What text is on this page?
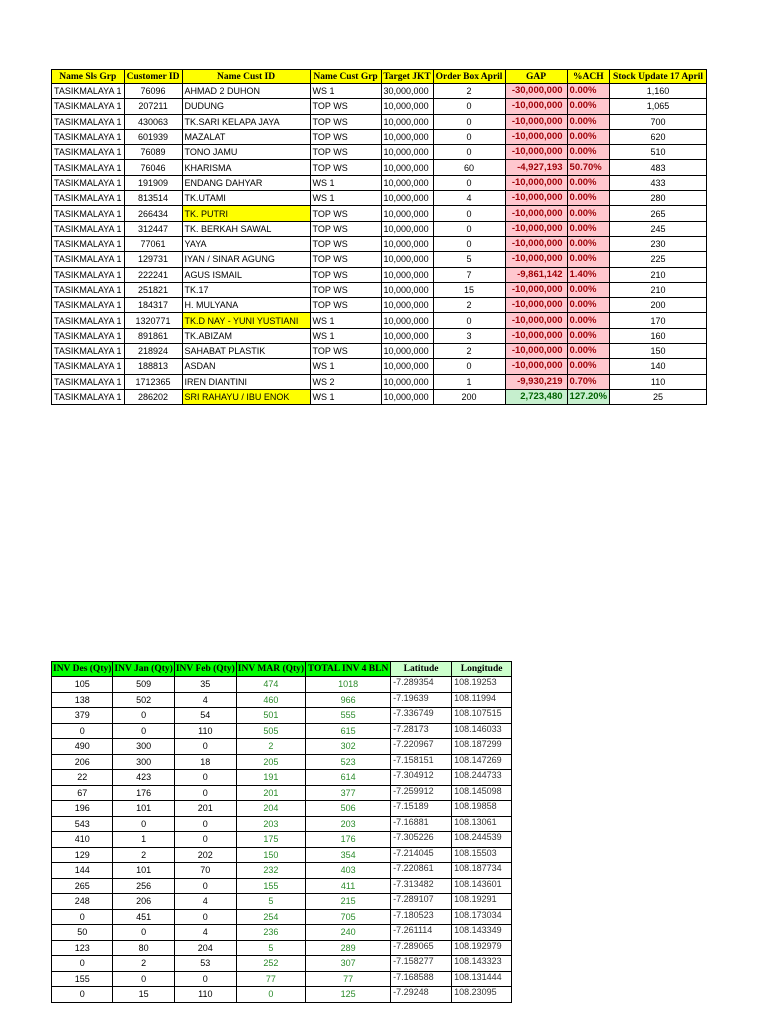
Name Sls Grp	Customer ID	Name Cust ID	Name Cust Grp	Target JKT	Order Box April	GAP	%ACH	Stock Update 17 April
TASIKMALAYA 1	76096	AHMAD 2 DUHON	WS 1	30,000,000	2	-30,000,000	0.00%	1,160
TASIKMALAYA 1	207211	DUDUNG	TOP WS	10,000,000	0	-10,000,000	0.00%	1,065
TASIKMALAYA 1	430063	TK.SARI KELAPA JAYA	TOP WS	10,000,000	0	-10,000,000	0.00%	700
TASIKMALAYA 1	601939	MAZALAT	TOP WS	10,000,000	0	-10,000,000	0.00%	620
TASIKMALAYA 1	76089	TONO JAMU	TOP WS	10,000,000	0	-10,000,000	0.00%	510
TASIKMALAYA 1	76046	KHARISMA	TOP WS	10,000,000	60	-4,927,193	50.70%	483
TASIKMALAYA 1	191909	ENDANG DAHYAR	WS 1	10,000,000	0	-10,000,000	0.00%	433
TASIKMALAYA 1	813514	TK.UTAMI	WS 1	10,000,000	4	-10,000,000	0.00%	280
TASIKMALAYA 1	266434	TK. PUTRI	TOP WS	10,000,000	0	-10,000,000	0.00%	265
TASIKMALAYA 1	312447	TK. BERKAH SAWAL	TOP WS	10,000,000	0	-10,000,000	0.00%	245
TASIKMALAYA 1	77061	YAYA	TOP WS	10,000,000	0	-10,000,000	0.00%	230
TASIKMALAYA 1	129731	IYAN / SINAR AGUNG	TOP WS	10,000,000	5	-10,000,000	0.00%	225
TASIKMALAYA 1	222241	AGUS ISMAIL	TOP WS	10,000,000	7	-9,861,142	1.40%	210
TASIKMALAYA 1	251821	TK.17	TOP WS	10,000,000	15	-10,000,000	0.00%	210
TASIKMALAYA 1	184317	H. MULYANA	TOP WS	10,000,000	2	-10,000,000	0.00%	200
TASIKMALAYA 1	1320771	TK.D NAY - YUNI YUSTIANI	WS 1	10,000,000	0	-10,000,000	0.00%	170
TASIKMALAYA 1	891861	TK.ABIZAM	WS 1	10,000,000	3	-10,000,000	0.00%	160
TASIKMALAYA 1	218924	SAHABAT PLASTIK	TOP WS	10,000,000	2	-10,000,000	0.00%	150
TASIKMALAYA 1	188813	ASDAN	WS 1	10,000,000	0	-10,000,000	0.00%	140
TASIKMALAYA 1	1712365	IREN DIANTINI	WS 2	10,000,000	1	-9,930,219	0.70%	110
TASIKMALAYA 1	286202	SRI RAHAYU / IBU ENOK	WS 1	10,000,000	200	2,723,480	127.20%	25
INV Des (Qty)	INV Jan (Qty)	INV Feb (Qty)	INV MAR (Qty)	TOTAL INV 4 BLN	Latitude	Longitude
105	509	35	474	1018	-7.289354	108.19253
138	502	4	460	966	-7.19639	108.11994
379	0	54	501	555	-7.336749	108.107515
0	0	110	505	615	-7.28173	108.146033
490	300	0	2	302	-7.220967	108.187299
206	300	18	205	523	-7.158151	108.147269
22	423	0	191	614	-7.304912	108.244733
67	176	0	201	377	-7.259912	108.145098
196	101	201	204	506	-7.15189	108.19858
543	0	0	203	203	-7.16881	108.13061
410	1	0	175	176	-7.305226	108.244539
129	2	202	150	354	-7.214045	108.15503
144	101	70	232	403	-7.220861	108.187734
265	256	0	155	411	-7.313482	108.143601
248	206	4	5	215	-7.289107	108.19291
0	451	0	254	705	-7.180523	108.173034
50	0	4	236	240	-7.261114	108.143349
123	80	204	5	289	-7.289065	108.192979
0	2	53	252	307	-7.158277	108.143323
155	0	0	77	77	-7.168588	108.131444
0	15	110	0	125	-7.29248	108.23095
